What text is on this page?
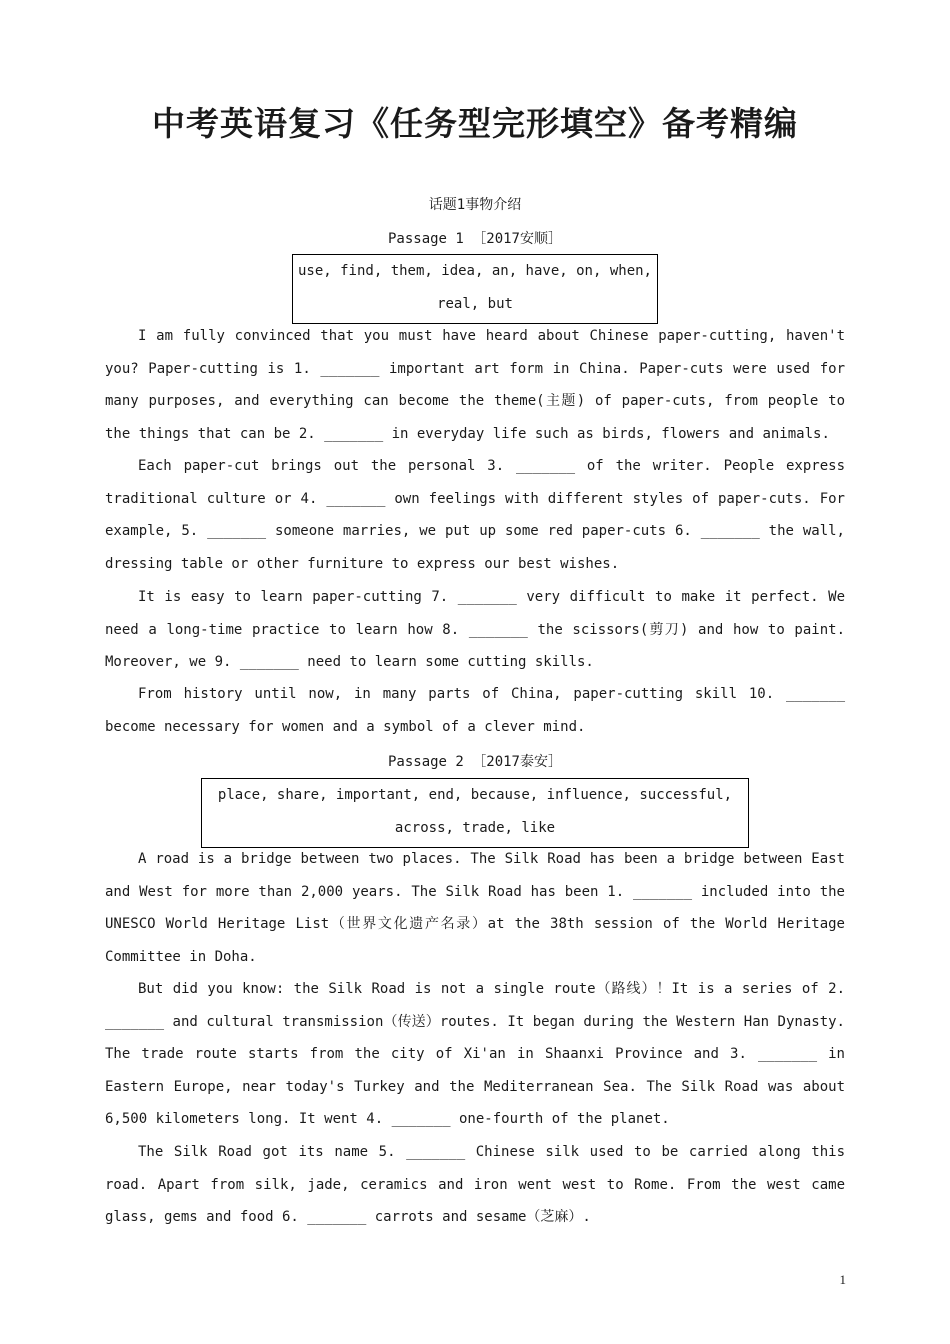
中考英语复习《任务型完形填空》备考精编

话题1事物介绍

Passage 1 ［2017安顺］

use, find, them, idea, an, have, on, when,
real, but

I am fully convinced that you must have heard about Chinese paper-cutting, haven't you? Paper-cutting is 1. _______ important art form in China. Paper-cuts were used for many purposes, and everything can become the theme(主题) of paper-cuts, from people to the things that can be 2. _______ in everyday life such as birds, flowers and animals.

Each paper-cut brings out the personal 3. _______ of the writer. People express traditional culture or 4. _______ own feelings with different styles of paper-cuts. For example, 5. _______ someone marries, we put up some red paper-cuts 6. _______ the wall, dressing table or other furniture to express our best wishes.

It is easy to learn paper-cutting 7. _______ very difficult to make it perfect. We need a long-time practice to learn how 8. _______ the scissors(剪刀) and how to paint. Moreover, we 9. _______ need to learn some cutting skills.

From history until now, in many parts of China, paper-cutting skill 10. _______ become necessary for women and a symbol of a clever mind.

Passage 2 ［2017泰安］

place, share, important, end, because, influence, successful,
across, trade, like

A road is a bridge between two places. The Silk Road has been a bridge between East and West for more than 2,000 years. The Silk Road has been 1. _______ included into the UNESCO World Heritage List（世界文化遗产名录）at the 38th session of the World Heritage Committee in Doha.

But did you know: the Silk Road is not a single route（路线）！It is a series of 2. _______ and cultural transmission（传送）routes. It began during the Western Han Dynasty. The trade route starts from the city of Xi'an in Shaanxi Province and 3. _______ in Eastern Europe, near today's Turkey and the Mediterranean Sea. The Silk Road was about 6,500 kilometers long. It went 4. _______ one-fourth of the planet.

The Silk Road got its name 5. _______ Chinese silk used to be carried along this road. Apart from silk, jade, ceramics and iron went west to Rome. From the west came glass, gems and food 6. _______ carrots and sesame（芝麻）.

1
